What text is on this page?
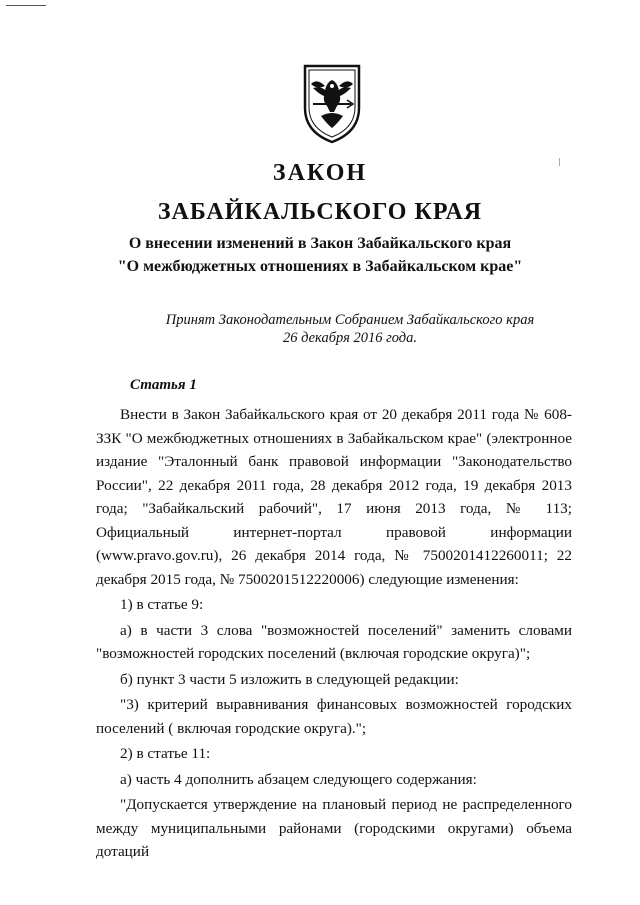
ЗАКОН
ЗАБАЙКАЛЬСКОГО КРАЯ
О внесении изменений в Закон Забайкальского края
"О межбюджетных отношениях в Забайкальском крае"
Принят Законодательным Собранием Забайкальского края
26 декабря 2016 года.
Статья 1

Внести в Закон Забайкальского края от 20 декабря 2011 года № 608-ЗЗК "О межбюджетных отношениях в Забайкальском крае" (электронное издание "Эталонный банк правовой информации "Законодательство России", 22 декабря 2011 года, 28 декабря 2012 года, 19 декабря 2013 года; "Забайкальский рабочий", 17 июня 2013 года, № 113; Официальный интернет-портал правовой информации (www.pravo.gov.ru), 26 декабря 2014 года, № 7500201412260011; 22 декабря 2015 года, № 7500201512220006) следующие изменения:

1) в статье 9:

а) в части 3 слова "возможностей поселений" заменить словами "возможностей городских поселений (включая городские округа)";

б) пункт 3 части 5 изложить в следующей редакции:

"3) критерий выравнивания финансовых возможностей городских поселений ( включая городские округа).";

2) в статье 11:

а) часть 4 дополнить абзацем следующего содержания:

"Допускается утверждение на плановый период не распределенного между муниципальными районами (городскими округами) объема дотаций
